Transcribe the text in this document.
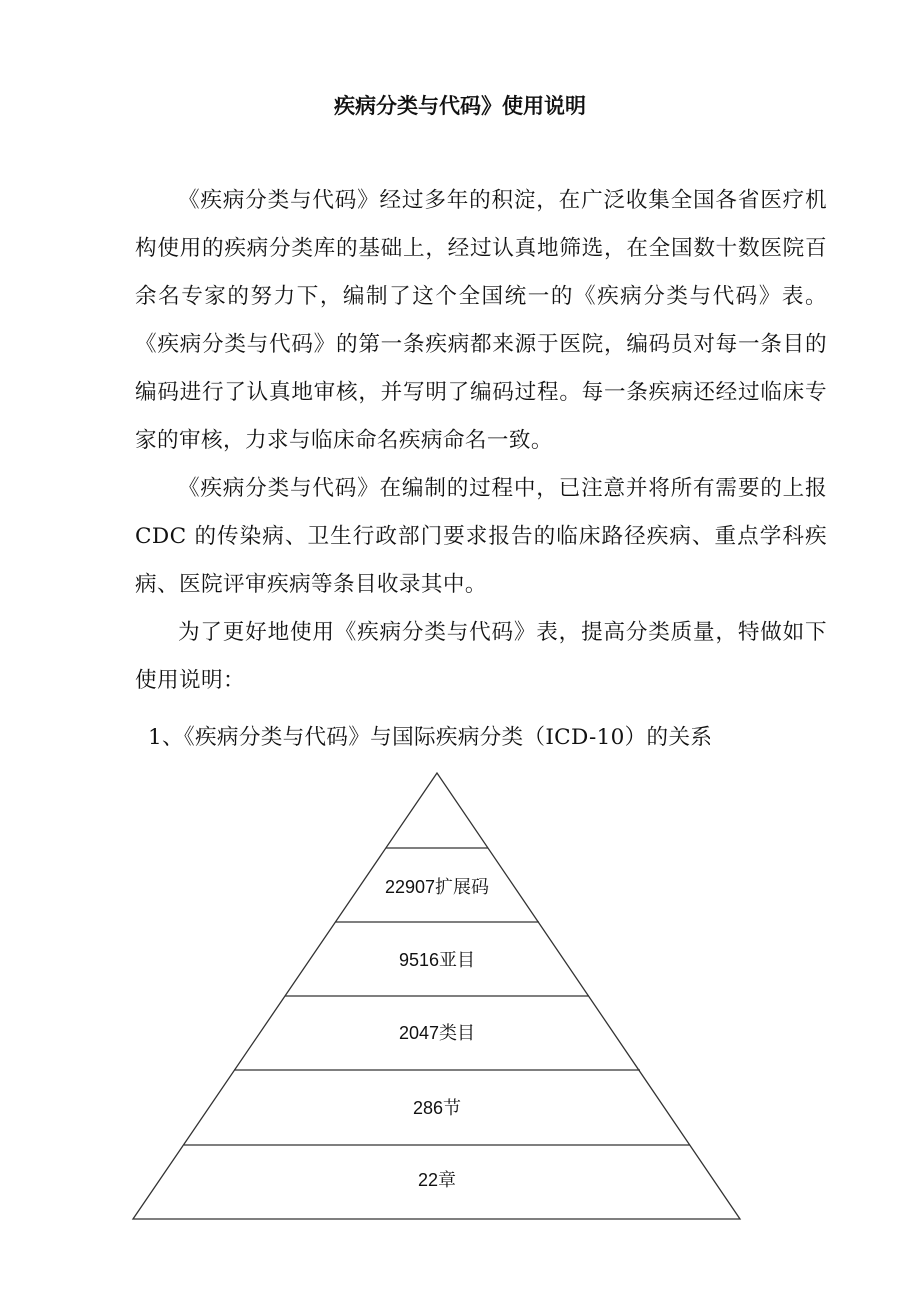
疾病分类与代码》使用说明

《疾病分类与代码》经过多年的积淀，在广泛收集全国各省医疗机构使用的疾病分类库的基础上，经过认真地筛选，在全国数十数医院百余名专家的努力下，编制了这个全国统一的《疾病分类与代码》表。《疾病分类与代码》的第一条疾病都来源于医院，编码员对每一条目的编码进行了认真地审核，并写明了编码过程。每一条疾病还经过临床专家的审核，力求与临床命名疾病命名一致。

《疾病分类与代码》在编制的过程中，已注意并将所有需要的上报CDC 的传染病、卫生行政部门要求报告的临床路径疾病、重点学科疾病、医院评审疾病等条目收录其中。

为了更好地使用《疾病分类与代码》表，提高分类质量，特做如下使用说明：

1、《疾病分类与代码》与国际疾病分类（ICD-10）的关系

22907扩展码
9516亚目
2047类目
286节
22章
